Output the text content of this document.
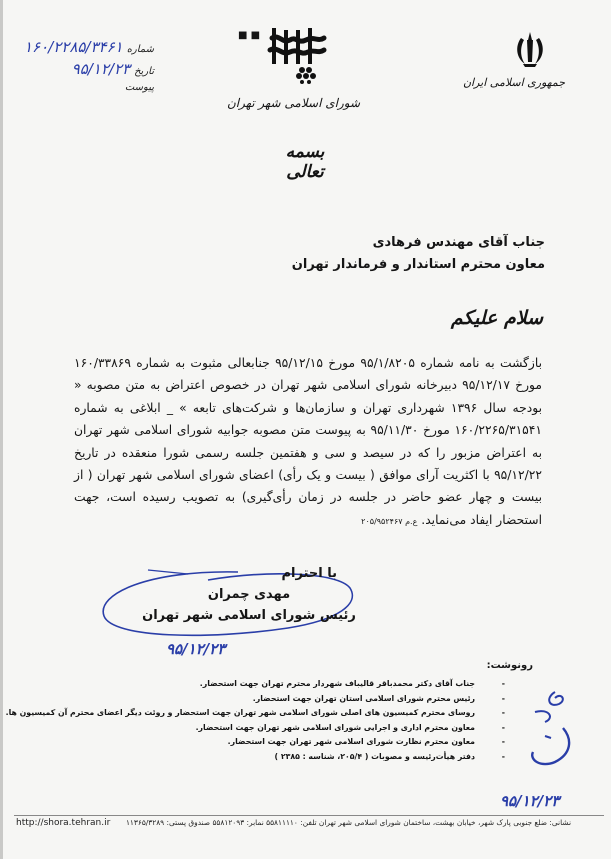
جمهوری اسلامی ایران
■ ■
شورای اسلامی شهر تهران
بسمه تعالی
شماره
۱۶۰/۲۲۸۵/۳۴۶۱
تاریخ
۹۵/۱۲/۲۳
پیوست
جناب آقای مهندس فرهادی
معاون محترم استاندار و فرماندار تهران
سلام علیکم

بازگشت به نامه شماره ۹۵/۱/۸۲۰۵ مورخ ۹۵/۱۲/۱۵ جنابعالی مثبوت به شماره ۱۶۰/۳۳۸۶۹ مورخ ۹۵/۱۲/۱۷ دبیرخانه شورای اسلامی شهر تهران در خصوص اعتراض به متن مصوبه « بودجه سال ۱۳۹۶ شهرداری تهران و سازمان‌ها و شرکت‌های تابعه » _ ابلاغی به شماره ۱۶۰/۲۲۶۵/۳۱۵۴۱ مورخ ۹۵/۱۱/۳۰ به پیوست متن مصوبه جوابیه شورای اسلامی شهر تهران به اعتراض مزبور را که در سیصد و سی و هفتمین جلسه رسمی شورا منعقده در تاریخ ۹۵/۱۲/۲۲ با اکثریت آرای موافق ( بیست و یک رأی) اعضای شورای اسلامی شهر تهران ( از بیست و چهار عضو حاضر در جلسه در زمان رأی‌گیری) به تصویب رسیده است، جهت استحضار ایفاد می‌نماید. ع.م ۲۰۵/۹۵۲۴۶۷

با احترام
مهدی چمران
رئیس شورای اسلامی شهر تهران
۹۵/۱۲/۲۳
رونوشت:
- جناب آقای دکتر محمدباقر قالیباف شهردار محترم تهران جهت استحضار.
- رئیس محترم شورای اسلامی استان تهران جهت استحضار.
- روسای محترم کمیسیون های اصلی شورای اسلامی شهر تهران جهت استحضار و روئت دیگر اعضای محترم آن کمیسیون ها.
- معاون محترم اداری و اجرایی شورای اسلامی شهر تهران جهت استحضار.
- معاون محترم نظارت شورای اسلامی شهر تهران جهت استحضار.
- دفتر هیأت‌رئیسه و مصوبات ( ۲۰۵/۴، شناسه : ۲۳۸۵ )
۹۵/۱۲/۲۳
http://shora.tehran.ir نشانی: ضلع جنوبی پارک شهر، خیابان بهشت، ساختمان شورای اسلامی شهر تهران تلفن: ۵۵۸۱۱۱۱۰ نمابر: ۵۵۸۱۲۰۹۳ صندوق پستی: ۱۱۳۶۵/۳۲۸۹
